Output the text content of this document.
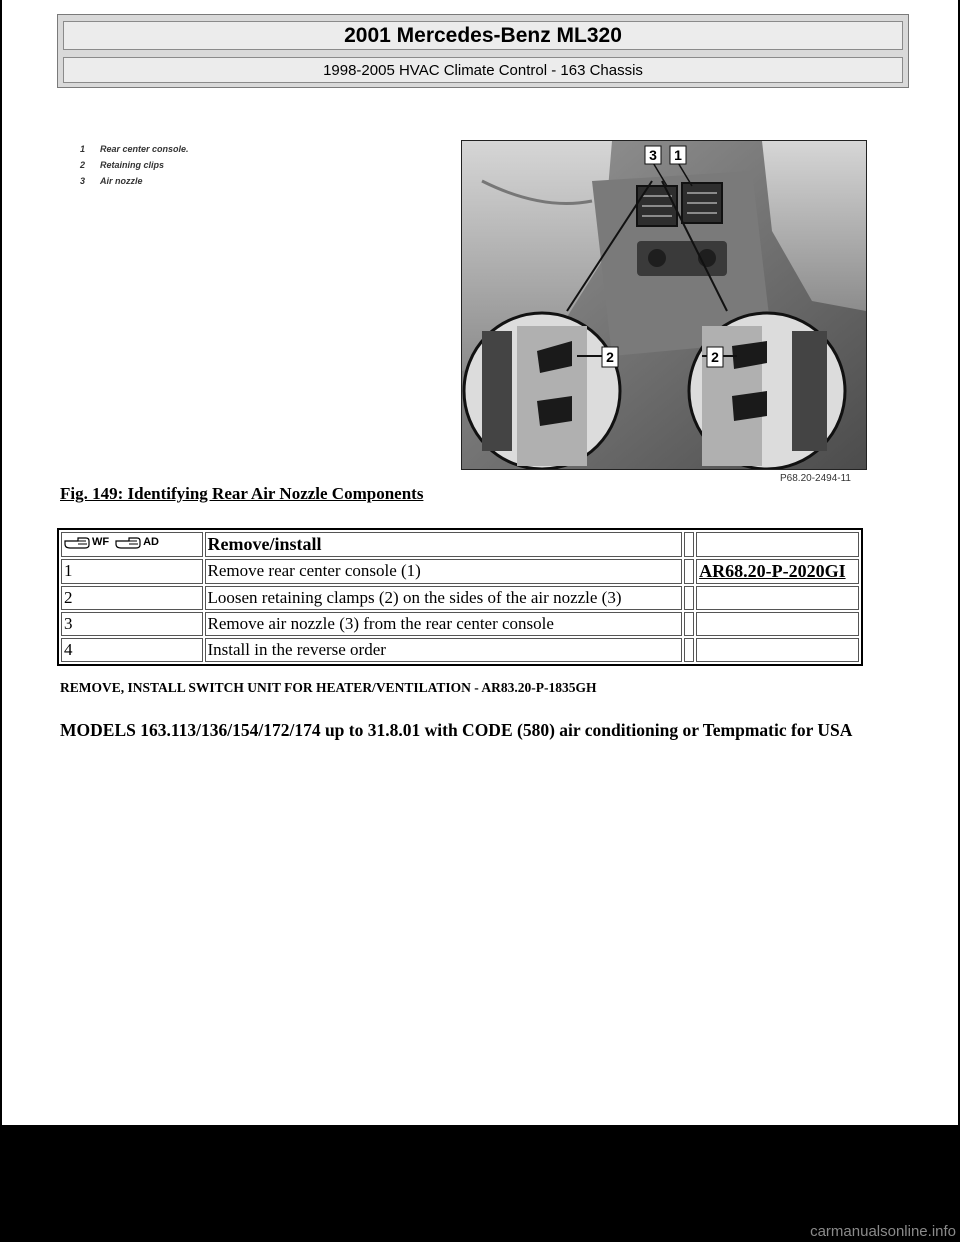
2001 Mercedes-Benz ML320
1998-2005 HVAC Climate Control - 163 Chassis
1	Rear center console.
2	Retaining clips
3	Air nozzle
2	2
3 1
P68.20-2494-11
Fig. 149: Identifying Rear Air Nozzle Components
WF AD	Remove/install		
1	Remove rear center console (1)		AR68.20-P-2020GI
2	Loosen retaining clamps (2) on the sides of the air nozzle (3)		
3	Remove air nozzle (3) from the rear center console		
4	Install in the reverse order		
REMOVE, INSTALL SWITCH UNIT FOR HEATER/VENTILATION - AR83.20-P-1835GH
MODELS 163.113/136/154/172/174 up to 31.8.01 with CODE (580) air conditioning or Tempmatic for USA
carmanualsonline.info
